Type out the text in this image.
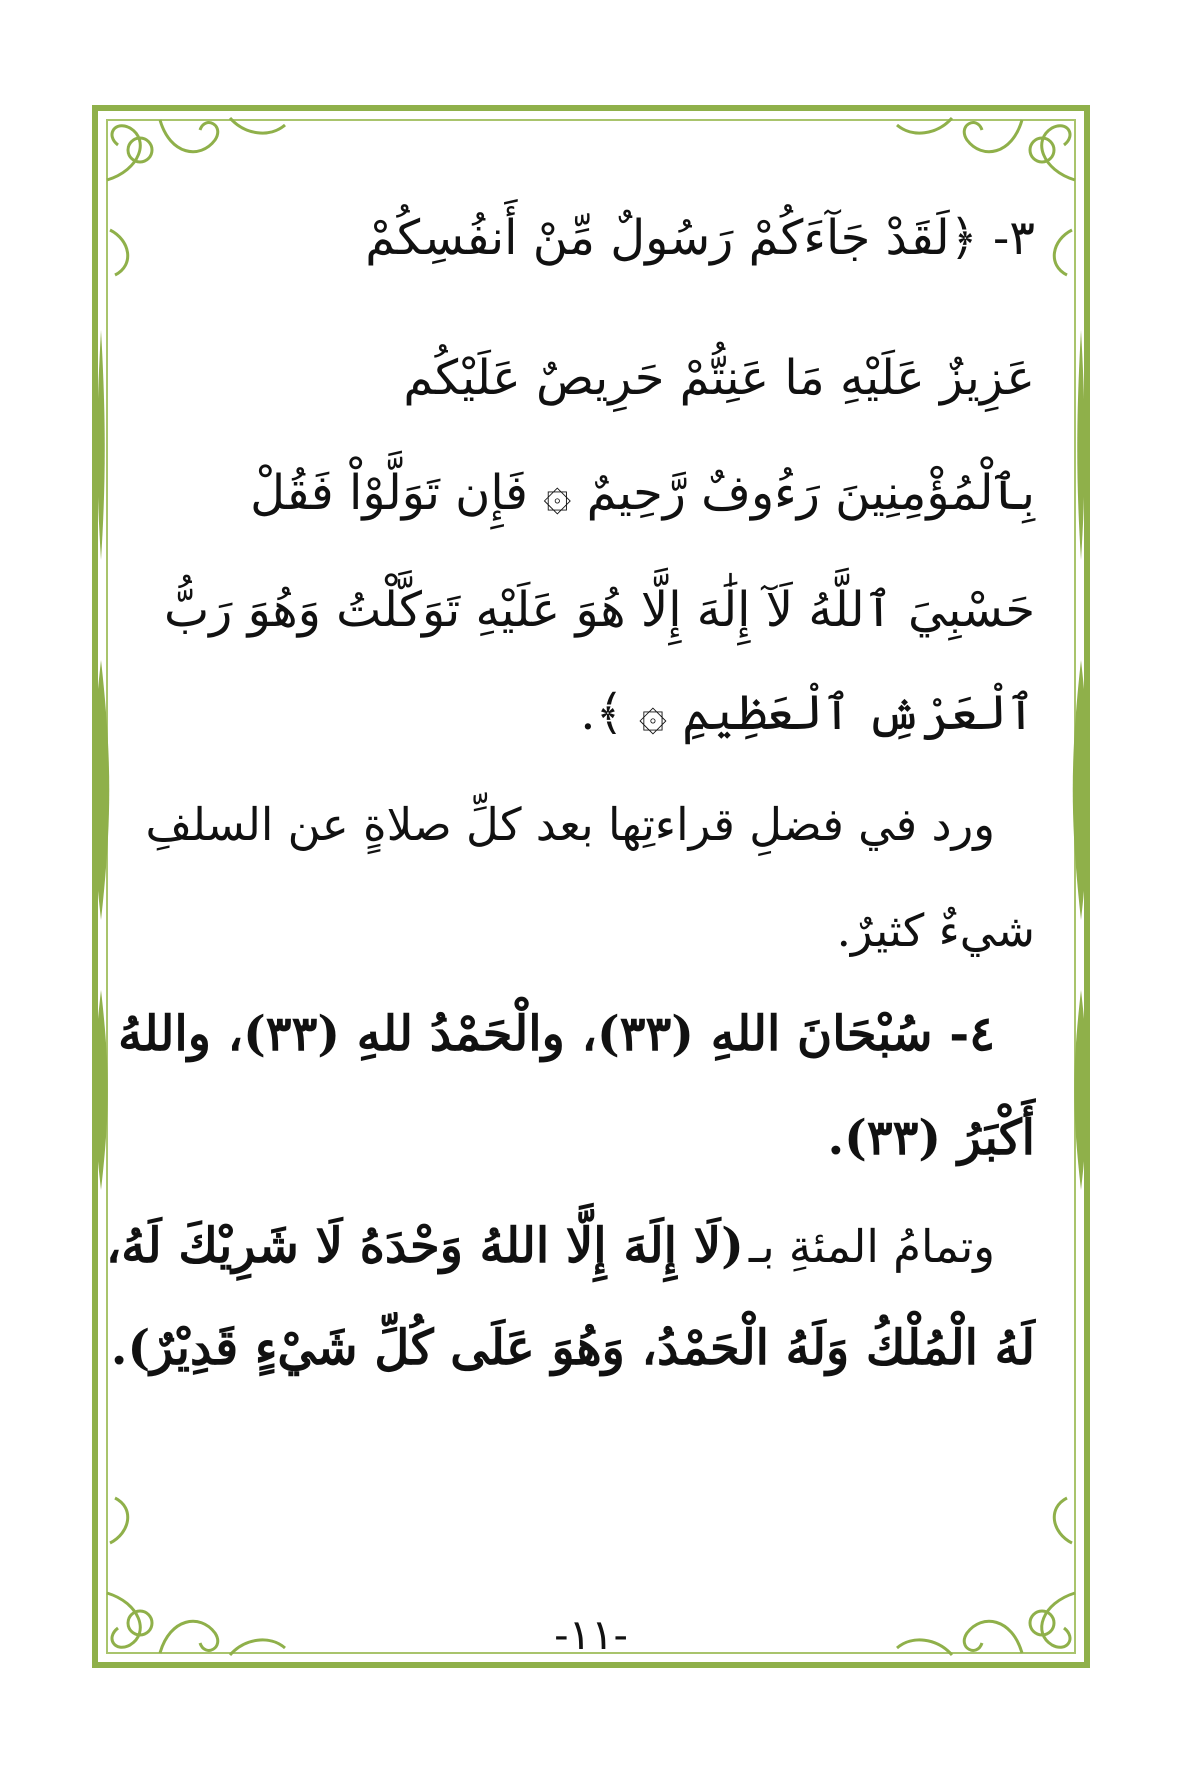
٣- ﴿لَقَدْ جَآءَكُمْ رَسُولٌ مِّنْ أَنفُسِكُمْ
عَزِيزٌ عَلَيْهِ مَا عَنِتُّمْ حَرِيصٌ عَلَيْكُم
بِٱلْمُؤْمِنِينَ رَءُوفٌ رَّحِيمٌ ۞ فَإِن تَوَلَّوْاْ فَقُلْ
حَسْبِيَ ٱللَّهُ لَآ إِلَٰهَ إِلَّا هُوَ عَلَيْهِ تَوَكَّلْتُ وَهُوَ رَبُّ
ٱلْعَرْشِ ٱلْعَظِيمِ ۞ ﴾.
ورد في فضلِ قراءتِها بعد كلِّ صلاةٍ عن السلفِ
شيءٌ كثيرٌ.
٤- سُبْحَانَ اللهِ (٣٣)، والْحَمْدُ للهِ (٣٣)، واللهُ
أَكْبَرُ (٣٣).
وتمامُ المئةِ بـ (لَا إِلَهَ إِلَّا اللهُ وَحْدَهُ لَا شَرِيْكَ لَهُ،
لَهُ الْمُلْكُ وَلَهُ الْحَمْدُ، وَهُوَ عَلَى كُلِّ شَيْءٍ قَدِيْرٌ).
-١١-
